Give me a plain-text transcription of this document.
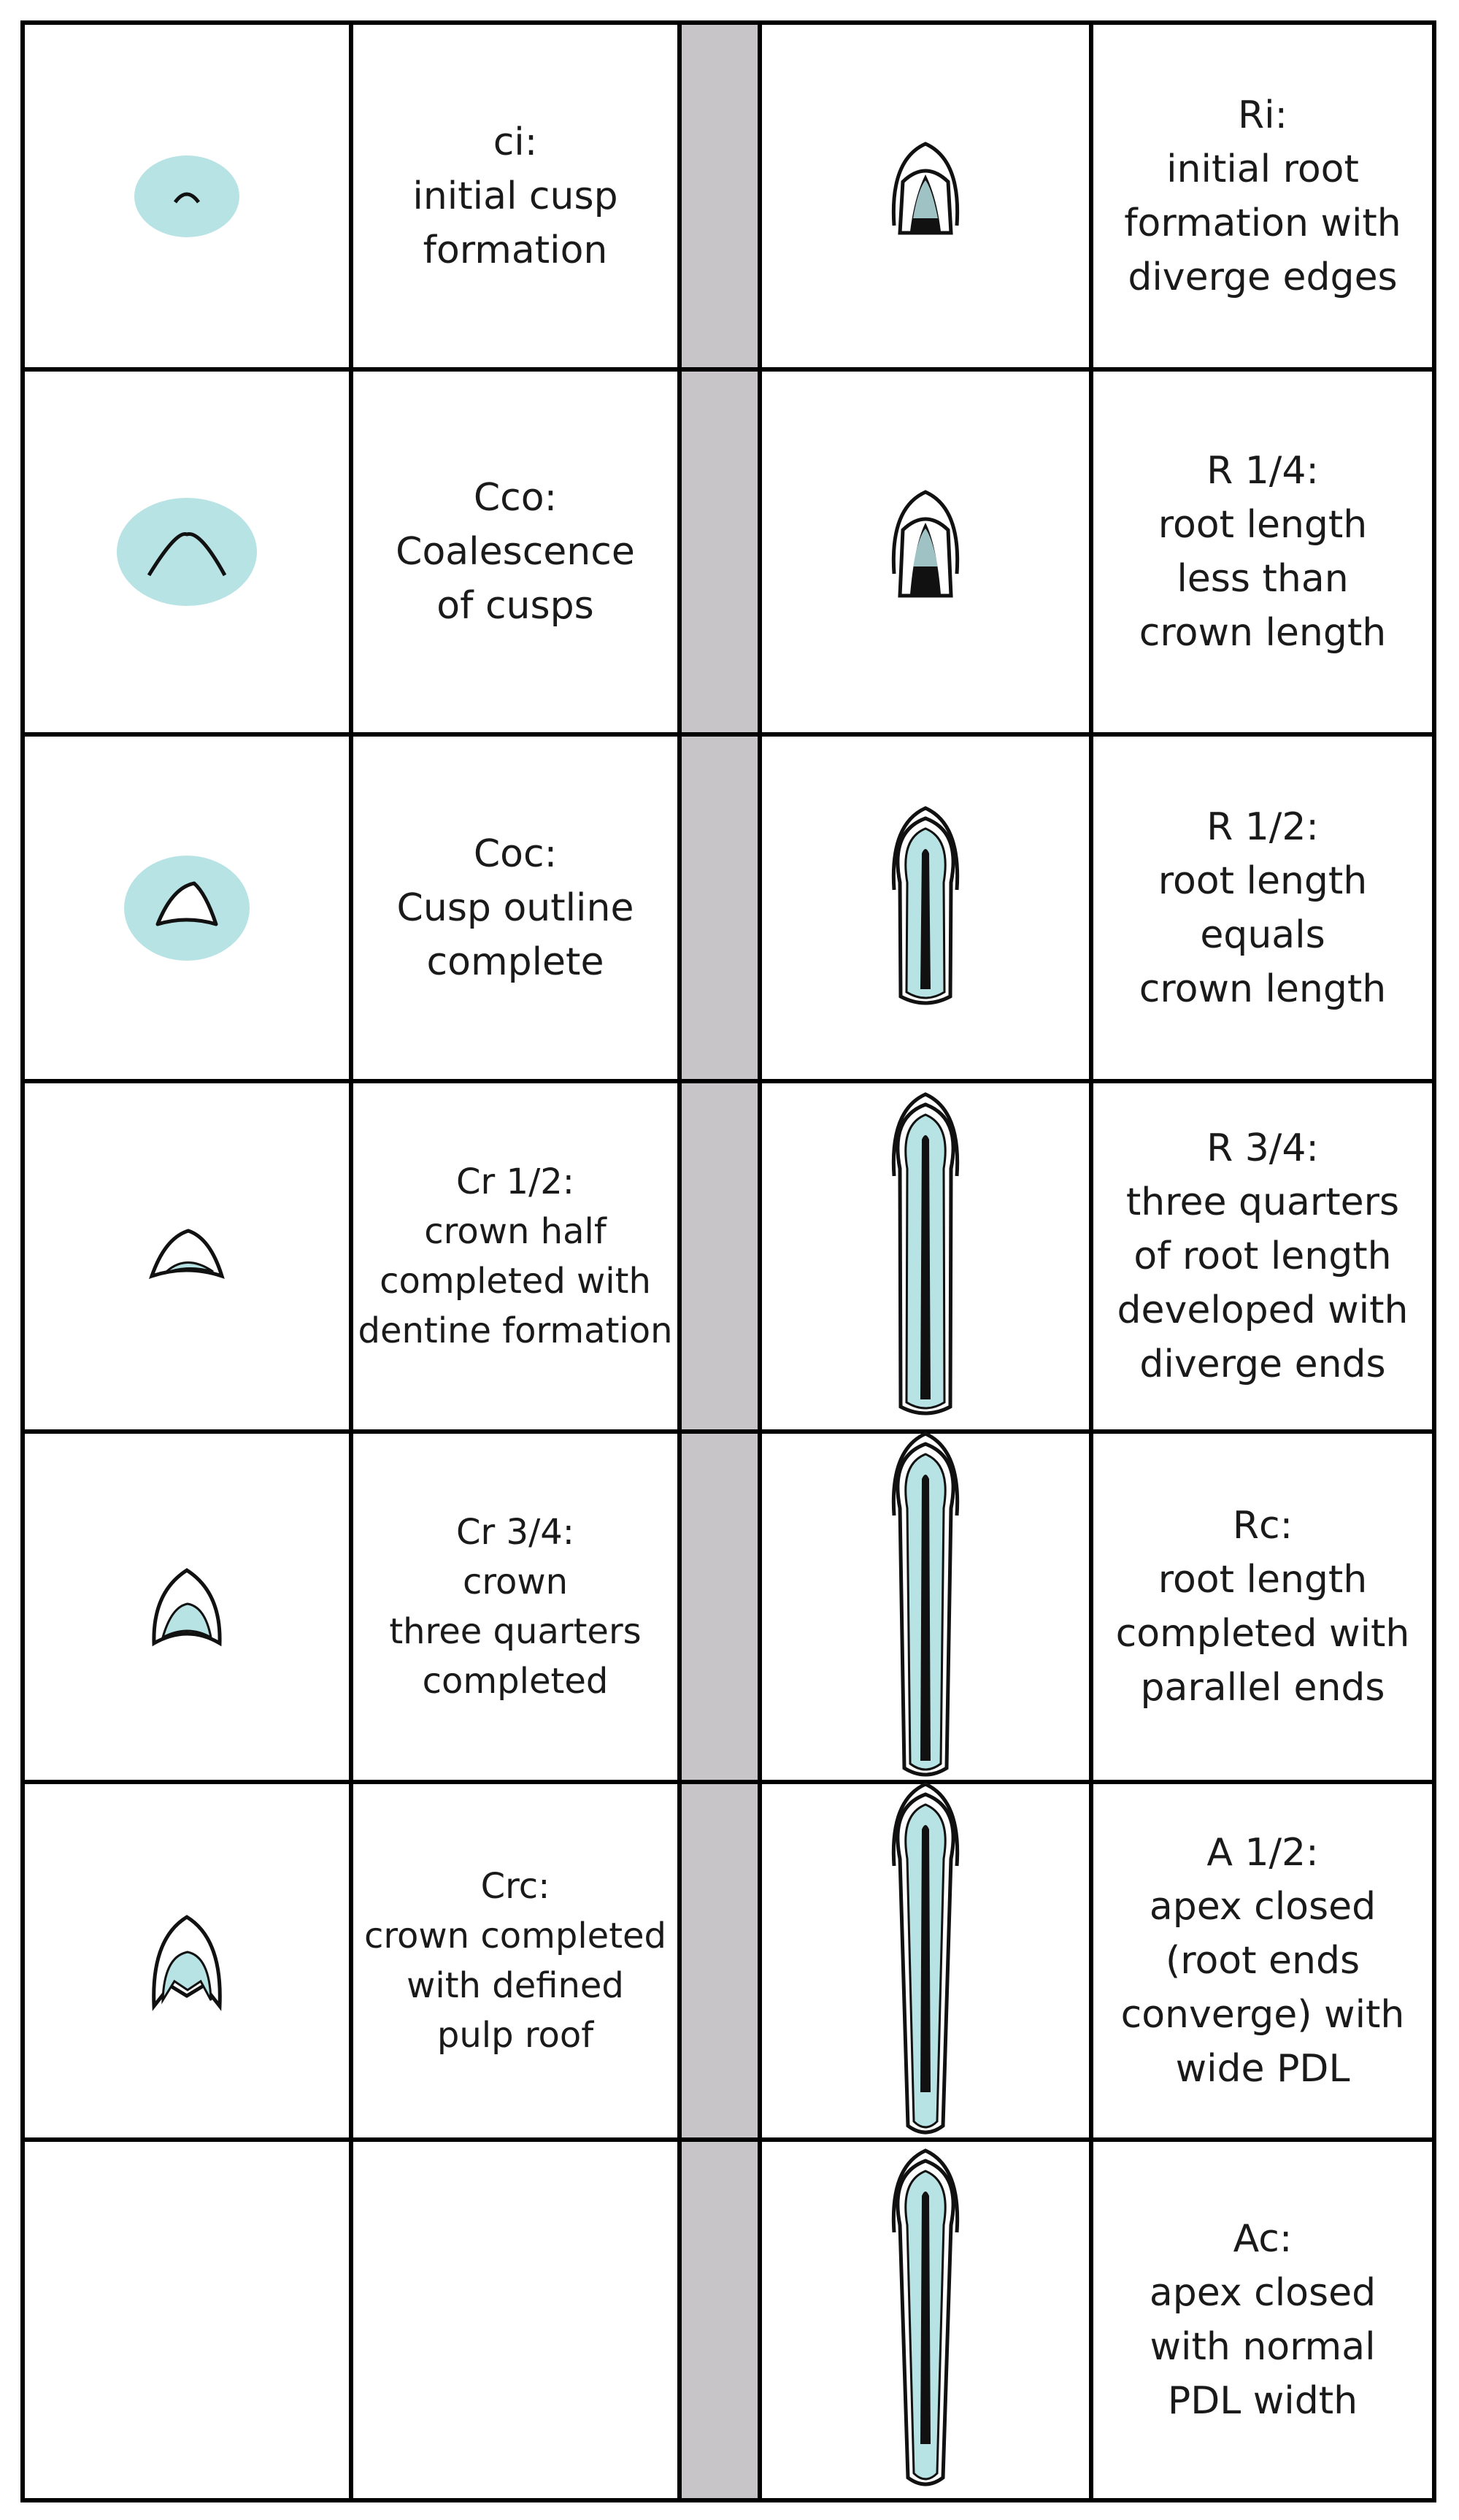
ci:
initial cusp
formation
Ri:
initial root
formation with
diverge edges
Cco:
Coalescence
of cusps
R 1/4:
root length
less than
crown length
Coc:
Cusp outline
complete
R 1/2:
root length
equals
crown length
Cr 1/2:
crown half
completed with
dentine formation
R 3/4:
three quarters
of root length
developed with
diverge ends
Cr 3/4:
crown
three quarters
completed
Rc:
root length
completed with
parallel ends
Crc:
crown completed
with defined
pulp roof
A 1/2:
apex closed
(root ends
converge) with
wide PDL
Ac:
apex closed
with normal
PDL width
